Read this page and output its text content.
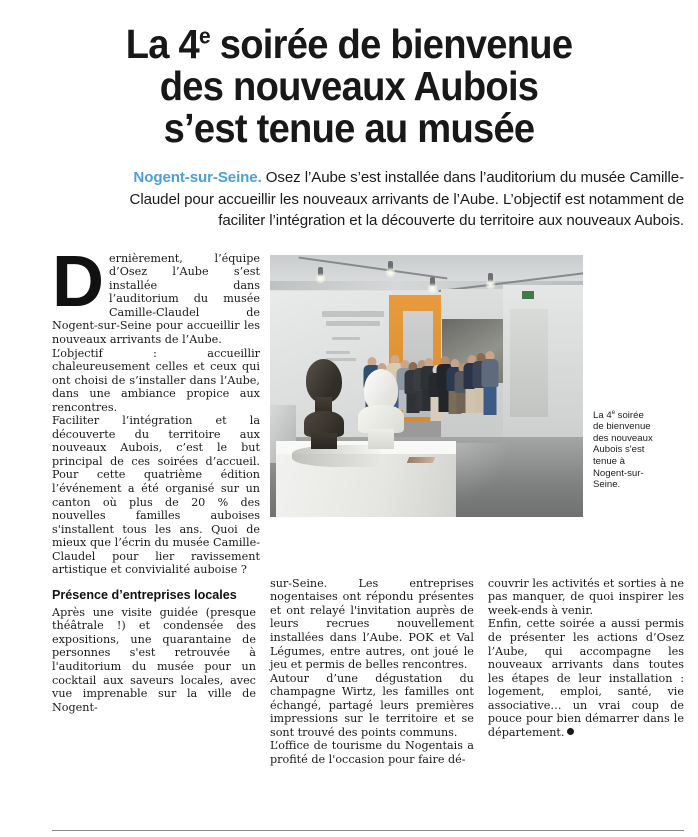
La 4e soirée de bienvenue
des nouveaux Aubois
s’est tenue au musée
Nogent-sur-Seine. Osez l’Aube s’est installée dans l’auditorium du musée Camille-Claudel pour accueillir les nouveaux arrivants de l’Aube. L’objectif est notamment de faciliter l’intégration et la découverte du territoire aux nouveaux Aubois.

Dernièrement, l’équipe d’Osez l’Aube s’est installée dans l’auditorium du musée Camille-Claudel de Nogent-sur-Seine pour accueillir les nouveaux arrivants de l’Aube.

L’objectif : accueillir chaleureusement celles et ceux qui ont choisi de s’installer dans l’Aube, dans une ambiance propice aux rencontres.

Faciliter l’intégration et la découverte du territoire aux nouveaux Aubois, c’est le but principal de ces soirées d’accueil. Pour cette quatrième édition l’événement a été organisé sur un canton où plus de 20 % des nouvelles familles auboises s'installent tous les ans. Quoi de mieux que l’écrin du musée Camille-Claudel pour lier ravissement artistique et convivialité auboise ?

La 4e soirée de bienvenue des nouveaux Aubois s'est tenue à Nogent-sur-Seine.
Présence d’entreprises locales

Après une visite guidée (presque théâtrale !) et condensée des expositions, une quarantaine de personnes s'est retrouvée à l'auditorium du musée pour un cocktail aux saveurs locales, avec vue imprenable sur la ville de Nogent-

sur-Seine. Les entreprises nogentaises ont répondu présentes et ont relayé l'invitation auprès de leurs recrues nouvellement installées dans l’Aube. POK et Val Légumes, entre autres, ont joué le jeu et permis de belles rencontres.

Autour d’une dégustation du champagne Wirtz, les familles ont échangé, partagé leurs premières impressions sur le territoire et se sont trouvé des points communs.

L’office de tourisme du Nogentais a profité de l'occasion pour faire dé-

couvrir les activités et sorties à ne pas manquer, de quoi inspirer les week-ends à venir.

Enfin, cette soirée a aussi permis de présenter les actions d’Osez l’Aube, qui accompagne les nouveaux arrivants dans toutes les étapes de leur installation : logement, emploi, santé, vie associative… un vrai coup de pouce pour bien démarrer dans le département.
